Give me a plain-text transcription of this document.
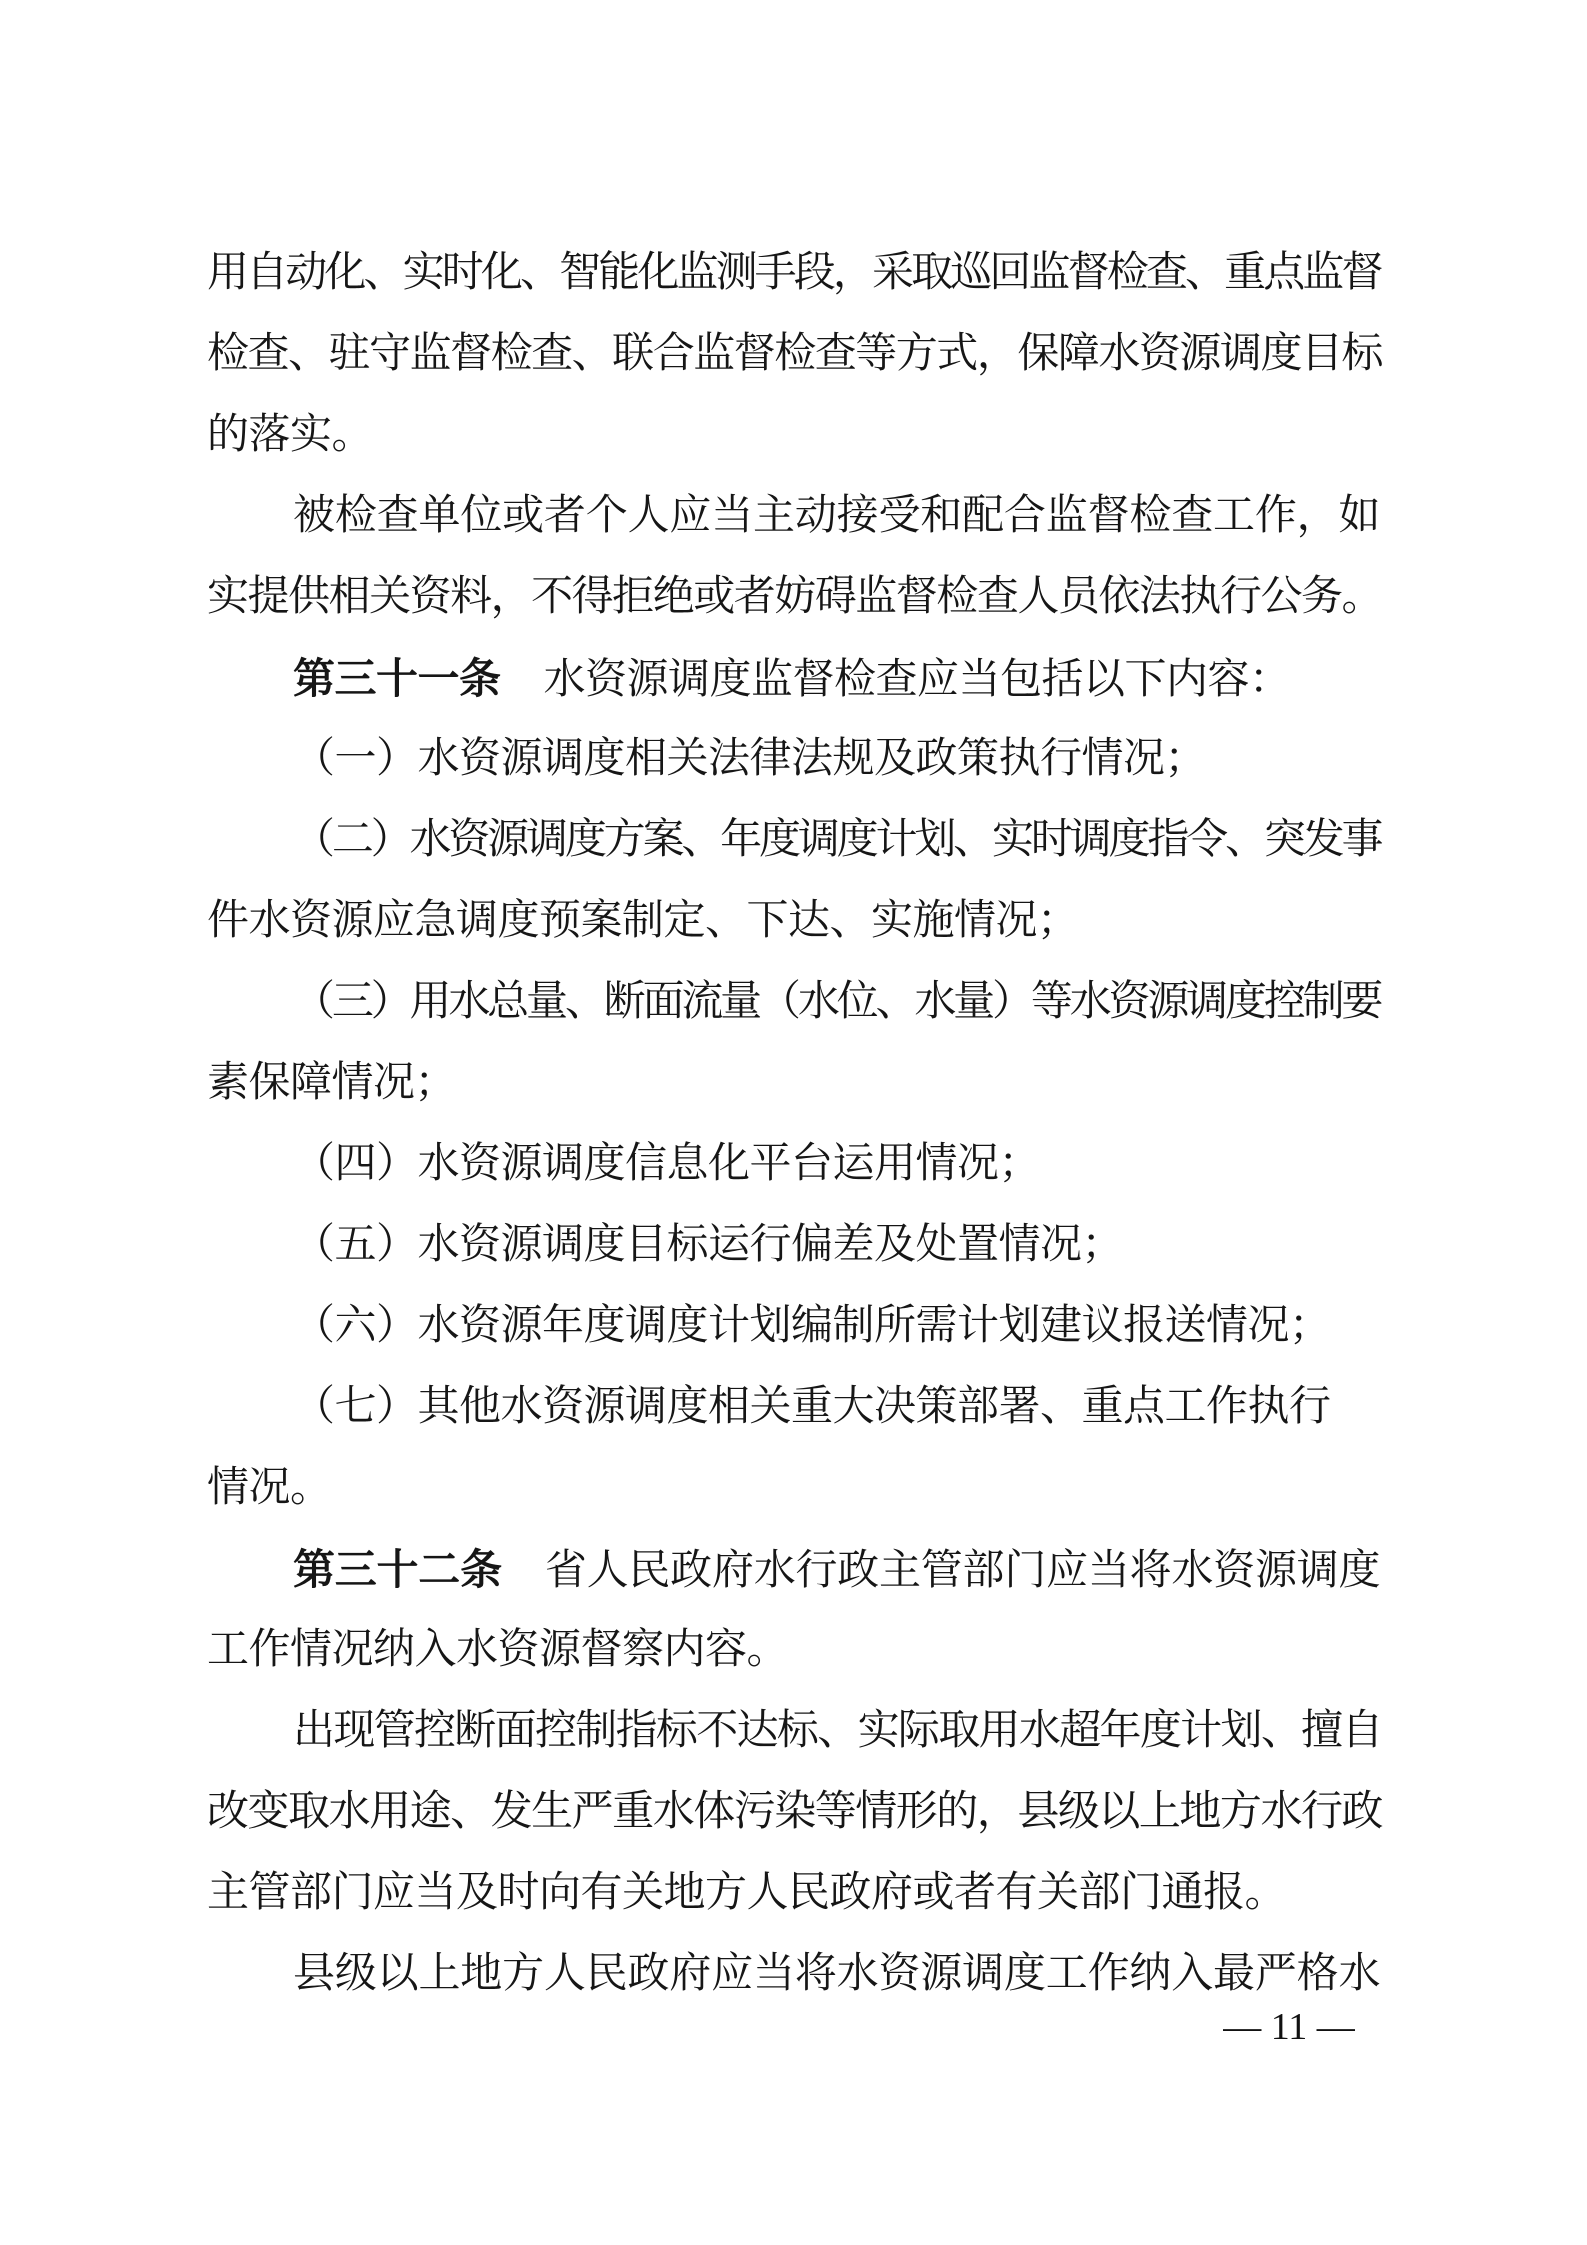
用自动化、实时化、智能化监测手段，采取巡回监督检查、重点监督
检查、驻守监督检查、联合监督检查等方式，保障水资源调度目标
的落实。
被检查单位或者个人应当主动接受和配合监督检查工作，如
实提供相关资料，不得拒绝或者妨碍监督检查人员依法执行公务。
第三十一条 水资源调度监督检查应当包括以下内容：
（一）水资源调度相关法律法规及政策执行情况；
（二）水资源调度方案、年度调度计划、实时调度指令、突发事
件水资源应急调度预案制定、下达、实施情况；
（三）用水总量、断面流量（水位、水量）等水资源调度控制要
素保障情况；
（四）水资源调度信息化平台运用情况；
（五）水资源调度目标运行偏差及处置情况；
（六）水资源年度调度计划编制所需计划建议报送情况；
（七）其他水资源调度相关重大决策部署、重点工作执行
情况。
第三十二条 省人民政府水行政主管部门应当将水资源调度
工作情况纳入水资源督察内容。
出现管控断面控制指标不达标、实际取用水超年度计划、擅自
改变取水用途、发生严重水体污染等情形的，县级以上地方水行政
主管部门应当及时向有关地方人民政府或者有关部门通报。
县级以上地方人民政府应当将水资源调度工作纳入最严格水
— 11 —
